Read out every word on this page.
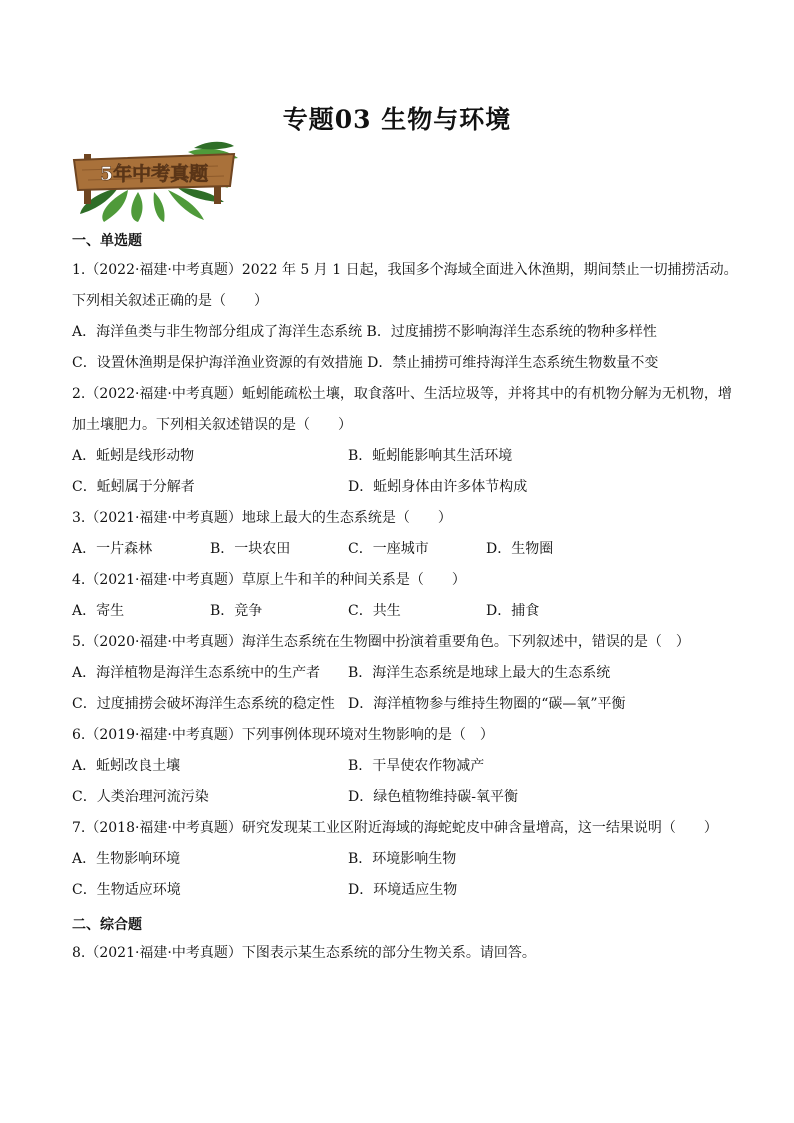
专题03 生物与环境
5年中考真题
一、单选题
1.（2022·福建·中考真题）2022 年 5 月 1 日起，我国多个海域全面进入休渔期，期间禁止一切捕捞活动。
下列相关叙述正确的是（　　）
A．海洋鱼类与非生物部分组成了海洋生态系统 B．过度捕捞不影响海洋生态系统的物种多样性
C．设置休渔期是保护海洋渔业资源的有效措施 D．禁止捕捞可维持海洋生态系统生物数量不变
2.（2022·福建·中考真题）蚯蚓能疏松土壤，取食落叶、生活垃圾等，并将其中的有机物分解为无机物，增
加土壤肥力。下列相关叙述错误的是（　　）
A．蚯蚓是线形动物	B．蚯蚓能影响其生活环境
C．蚯蚓属于分解者	D．蚯蚓身体由许多体节构成
3.（2021·福建·中考真题）地球上最大的生态系统是（　　）
A．一片森林	B．一块农田	C．一座城市	D．生物圈
4.（2021·福建·中考真题）草原上牛和羊的种间关系是（　　）
A．寄生	B．竞争	C．共生	D．捕食
5.（2020·福建·中考真题）海洋生态系统在生物圈中扮演着重要角色。下列叙述中，错误的是（　）
A．海洋植物是海洋生态系统中的生产者 B．海洋生态系统是地球上最大的生态系统
C．过度捕捞会破坏海洋生态系统的稳定性 D．海洋植物参与维持生物圈的“碳—氧”平衡
6.（2019·福建·中考真题）下列事例体现环境对生物影响的是（　）
A．蚯蚓改良土壤	B．干旱使农作物减产
C．人类治理河流污染	D．绿色植物维持碳-氧平衡
7.（2018·福建·中考真题）研究发现某工业区附近海域的海蛇蛇皮中砷含量增高，这一结果说明（　　）
A．生物影响环境	B．环境影响生物
C．生物适应环境	D．环境适应生物
二、综合题
8.（2021·福建·中考真题）下图表示某生态系统的部分生物关系。请回答。
